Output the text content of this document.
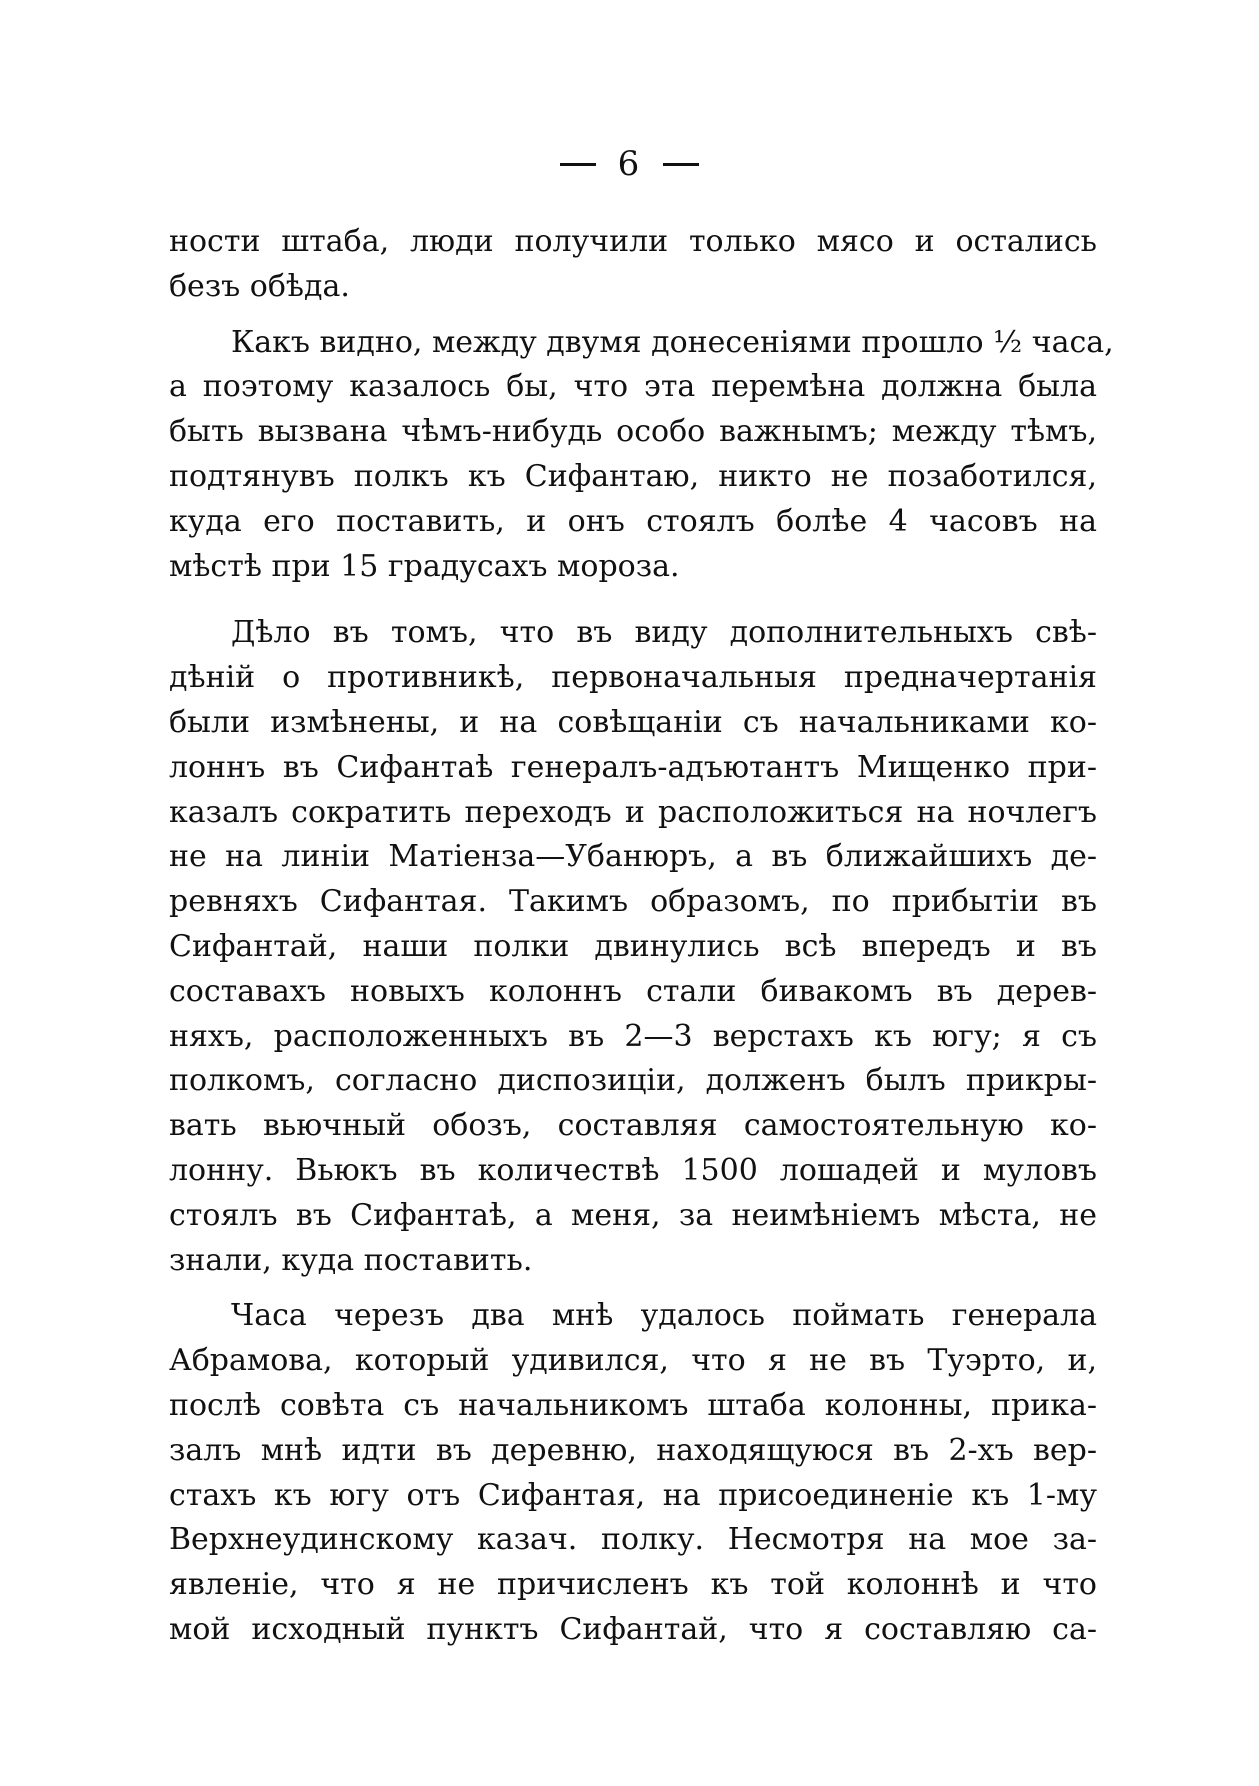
6
ности штаба, люди получили только мясо и остались
безъ обѣда.
Какъ видно, между двумя донесеніями прошло ½ часа,
а поэтому казалось бы, что эта перемѣна должна была
быть вызвана чѣмъ-нибудь особо важнымъ; между тѣмъ,
подтянувъ полкъ къ Сифантаю, никто не позаботился,
куда его поставить, и онъ стоялъ болѣе 4 часовъ на
мѣстѣ при 15 градусахъ мороза.
Дѣло въ томъ, что въ виду дополнительныхъ свѣ-
дѣній о противникѣ, первоначальныя предначертанія
были измѣнены, и на совѣщаніи съ начальниками ко-
лоннъ въ Сифантаѣ генералъ-адъютантъ Мищенко при-
казалъ сократить переходъ и расположиться на ночлегъ
не на линіи Матіенза—Убанюръ, а въ ближайшихъ де-
ревняхъ Сифантая. Такимъ образомъ, по прибытіи въ
Сифантай, наши полки двинулись всѣ впередъ и въ
составахъ новыхъ колоннъ стали бивакомъ въ дерев-
няхъ, расположенныхъ въ 2—3 верстахъ къ югу; я съ
полкомъ, согласно диспозиціи, долженъ былъ прикры-
вать вьючный обозъ, составляя самостоятельную ко-
лонну. Вьюкъ въ количествѣ 1500 лошадей и муловъ
стоялъ въ Сифантаѣ, а меня, за неимѣніемъ мѣста, не
знали, куда поставить.
Часа черезъ два мнѣ удалось поймать генерала
Абрамова, который удивился, что я не въ Туэрто, и,
послѣ совѣта съ начальникомъ штаба колонны, прика-
залъ мнѣ идти въ деревню, находящуюся въ 2-хъ вер-
стахъ къ югу отъ Сифантая, на присоединеніе къ 1-му
Верхнеудинскому казач. полку. Несмотря на мое за-
явленіе, что я не причисленъ къ той колоннѣ и что
мой исходный пунктъ Сифантай, что я составляю са-
